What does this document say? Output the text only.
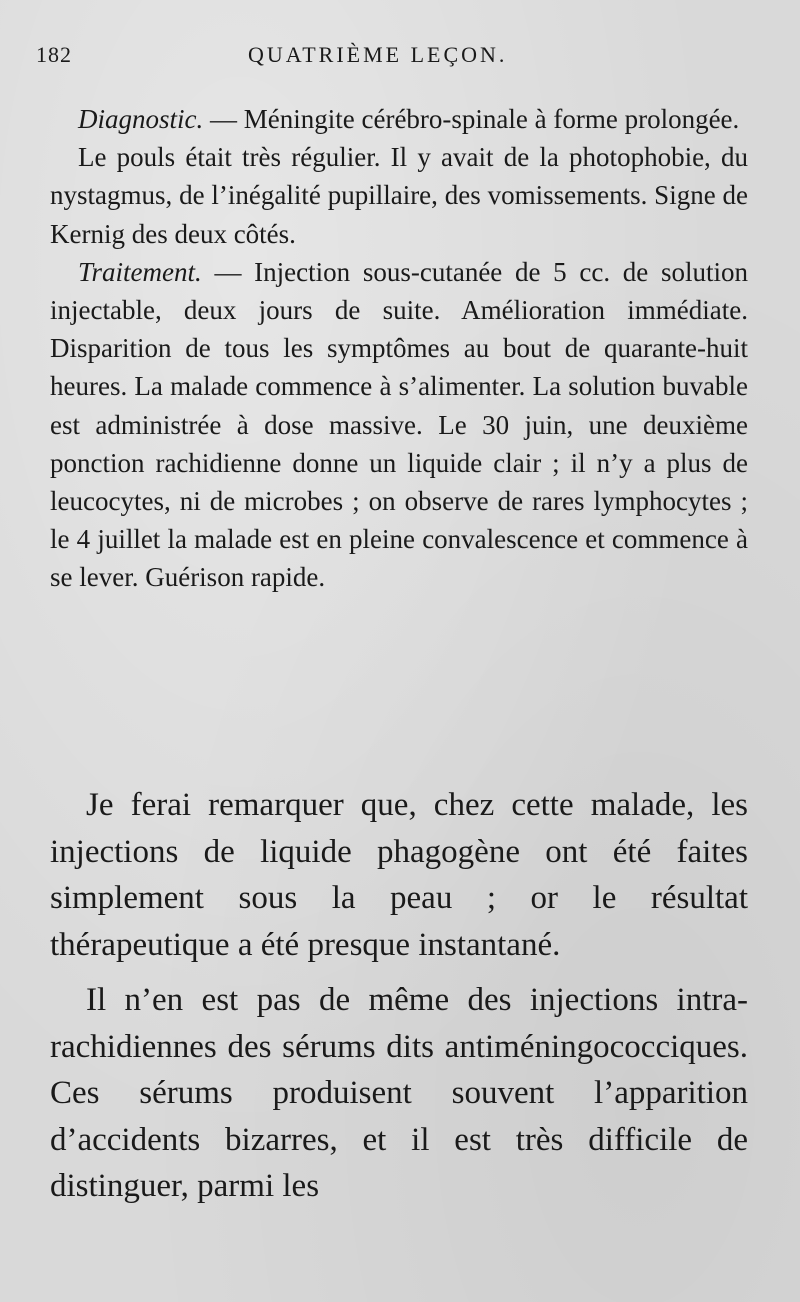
182	QUATRIÈME LEÇON.

Diagnostic. — Méningite cérébro-spinale à forme prolongée.

Le pouls était très régulier. Il y avait de la photophobie, du nystagmus, de l’inégalité pupillaire, des vomissements. Signe de Kernig des deux côtés.

Traitement. — Injection sous-cutanée de 5 cc. de solution injectable, deux jours de suite. Amélioration immédiate. Disparition de tous les symptômes au bout de quarante-huit heures. La malade commence à s’alimenter. La solution buvable est administrée à dose massive. Le 30 juin, une deuxième ponction rachidienne donne un liquide clair ; il n’y a plus de leucocytes, ni de microbes ; on observe de rares lymphocytes ; le 4 juillet la malade est en pleine convalescence et commence à se lever. Guérison rapide.

Je ferai remarquer que, chez cette malade, les injections de liquide phagogène ont été faites simplement sous la peau ; or le résultat thérapeutique a été presque instantané.

Il n’en est pas de même des injections intra-rachidiennes des sérums dits antiméningococciques. Ces sérums produisent souvent l’apparition d’accidents bizarres, et il est très difficile de distinguer, parmi les
